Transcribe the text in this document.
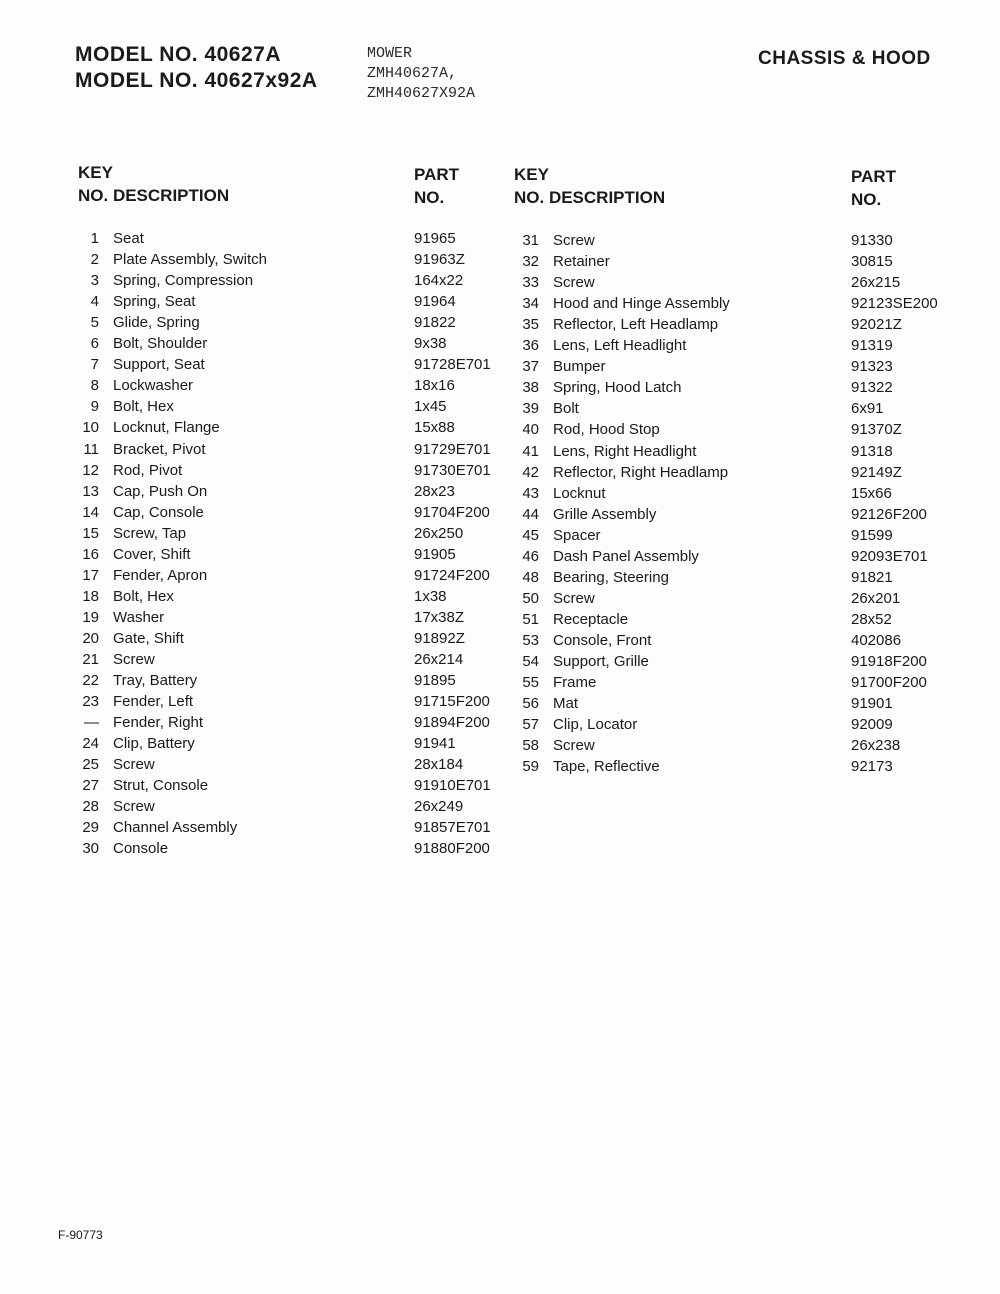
MODEL NO. 40627A
MODEL NO. 40627x92A
MOWER
ZMH40627A,
ZMH40627X92A
CHASSIS & HOOD
KEY
NO. DESCRIPTION
PART
NO.
KEY
NO. DESCRIPTION
PART
NO.
1 Seat	91965
2 Plate Assembly, Switch	91963Z
3 Spring, Compression	164x22
4 Spring, Seat	91964
5 Glide, Spring	91822
6 Bolt, Shoulder	9x38
7 Support, Seat	91728E701
8 Lockwasher	18x16
9 Bolt, Hex	1x45
10 Locknut, Flange	15x88
11 Bracket, Pivot	91729E701
12 Rod, Pivot	91730E701
13 Cap, Push On	28x23
14 Cap, Console	91704F200
15 Screw, Tap	26x250
16 Cover, Shift	91905
17 Fender, Apron	91724F200
18 Bolt, Hex	1x38
19 Washer	17x38Z
20 Gate, Shift	91892Z
21 Screw	26x214
22 Tray, Battery	91895
23 Fender, Left	91715F200
— Fender, Right	91894F200
24 Clip, Battery	91941
25 Screw	28x184
27 Strut, Console	91910E701
28 Screw	26x249
29 Channel Assembly	91857E701
30 Console	91880F200
31 Screw	91330
32 Retainer	30815
33 Screw	26x215
34 Hood and Hinge Assembly	92123SE200
35 Reflector, Left Headlamp	92021Z
36 Lens, Left Headlight	91319
37 Bumper	91323
38 Spring, Hood Latch	91322
39 Bolt	6x91
40 Rod, Hood Stop	91370Z
41 Lens, Right Headlight	91318
42 Reflector, Right Headlamp	92149Z
43 Locknut	15x66
44 Grille Assembly	92126F200
45 Spacer	91599
46 Dash Panel Assembly	92093E701
48 Bearing, Steering	91821
50 Screw	26x201
51 Receptacle	28x52
53 Console, Front	402086
54 Support, Grille	91918F200
55 Frame	91700F200
56 Mat	91901
57 Clip, Locator	92009
58 Screw	26x238
59 Tape, Reflective	92173
F-90773
